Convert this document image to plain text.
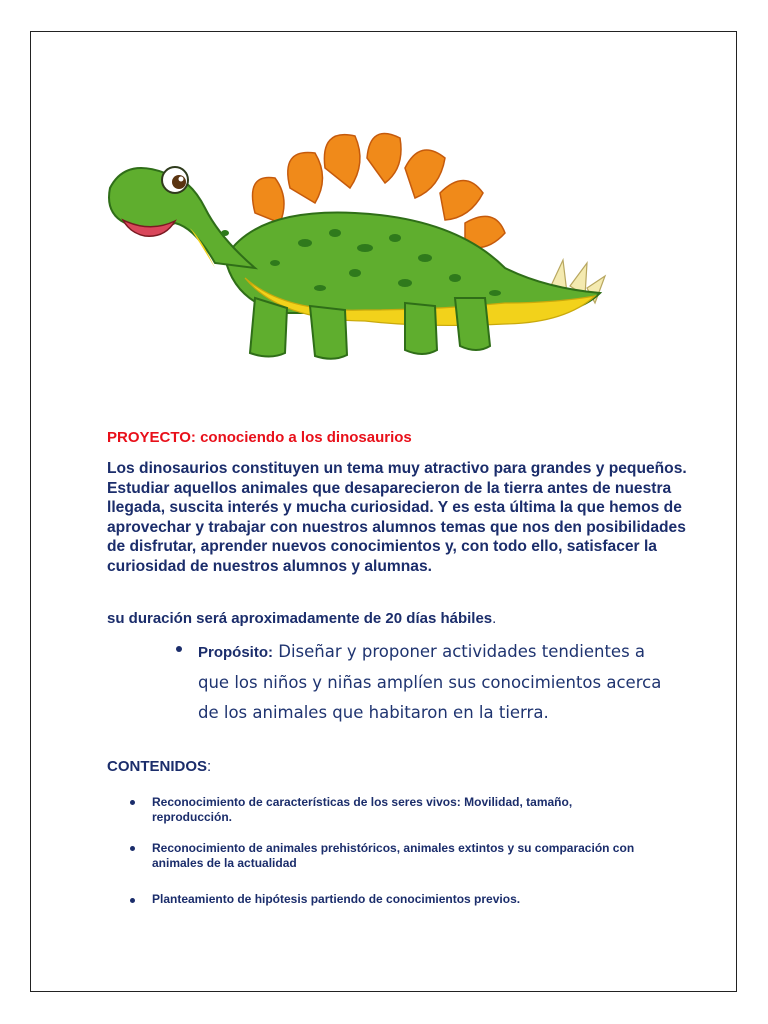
PROYECTO: conociendo a los dinosaurios
Los dinosaurios constituyen un tema muy atractivo para grandes y pequeños. Estudiar aquellos animales que desaparecieron de la tierra antes de nuestra llegada, suscita interés y mucha curiosidad. Y es esta última la que hemos de aprovechar y trabajar con nuestros alumnos temas que nos den posibilidades de disfrutar, aprender nuevos conocimientos y, con todo ello, satisfacer la curiosidad de nuestros alumnos y alumnas.
su duración será aproximadamente de 20 días hábiles.
Propósito: Diseñar y proponer actividades tendientes a que los niños y niñas amplíen sus conocimientos acerca de los animales que habitaron en la tierra.
CONTENIDOS:
Reconocimiento de características de los seres vivos: Movilidad, tamaño, reproducción.
Reconocimiento de animales prehistóricos, animales extintos y su comparación con animales de la actualidad
Planteamiento de hipótesis partiendo de conocimientos previos.
